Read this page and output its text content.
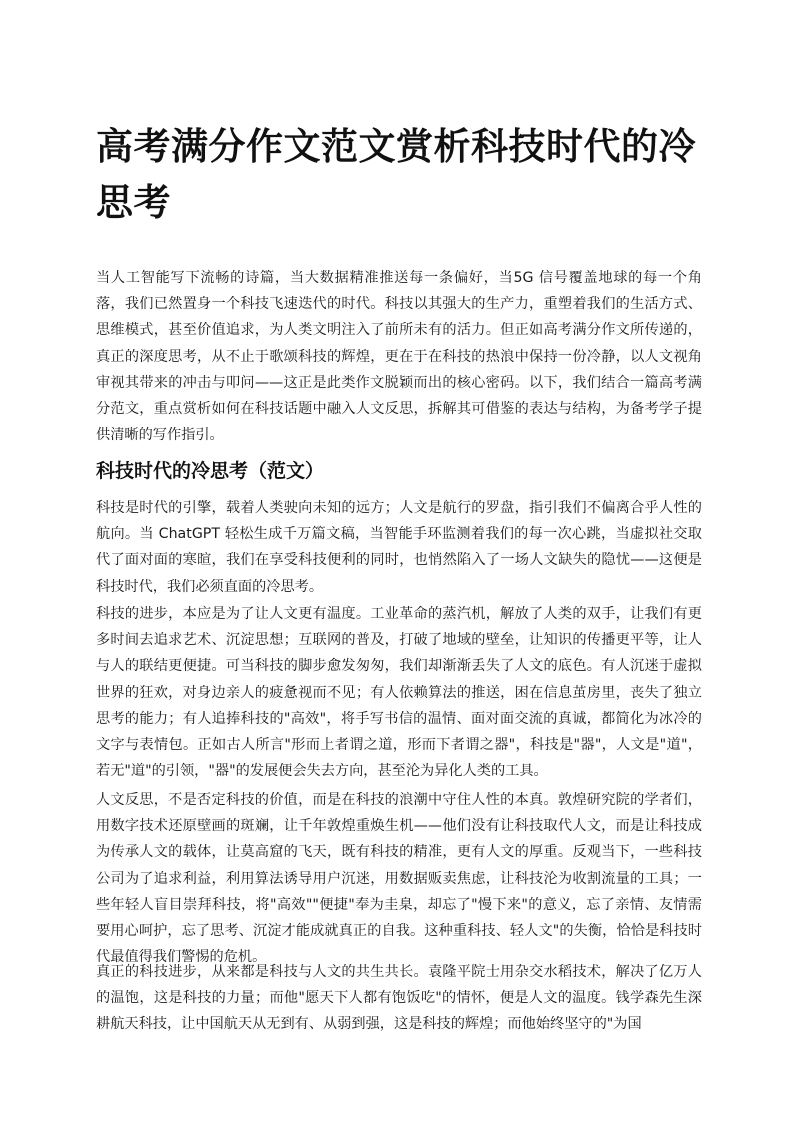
高考满分作文范文赏析科技时代的冷思考

当人工智能写下流畅的诗篇，当大数据精准推送每一条偏好，当5G 信号覆盖地球的每一个角落，我们已然置身一个科技飞速迭代的时代。科技以其强大的生产力，重塑着我们的生活方式、思维模式，甚至价值追求，为人类文明注入了前所未有的活力。但正如高考满分作文所传递的，真正的深度思考，从不止于歌颂科技的辉煌，更在于在科技的热浪中保持一份冷静，以人文视角审视其带来的冲击与叩问——这正是此类作文脱颖而出的核心密码。以下，我们结合一篇高考满分范文，重点赏析如何在科技话题中融入人文反思，拆解其可借鉴的表达与结构，为备考学子提供清晰的写作指引。

科技时代的冷思考（范文）

科技是时代的引擎，载着人类驶向未知的远方；人文是航行的罗盘，指引我们不偏离合乎人性的航向。当 ChatGPT 轻松生成千万篇文稿，当智能手环监测着我们的每一次心跳，当虚拟社交取代了面对面的寒暄，我们在享受科技便利的同时，也悄然陷入了一场人文缺失的隐忧——这便是科技时代，我们必须直面的冷思考。

科技的进步，本应是为了让人文更有温度。工业革命的蒸汽机，解放了人类的双手，让我们有更多时间去追求艺术、沉淀思想；互联网的普及，打破了地域的壁垒，让知识的传播更平等，让人与人的联结更便捷。可当科技的脚步愈发匆匆，我们却渐渐丢失了人文的底色。有人沉迷于虚拟世界的狂欢，对身边亲人的疲惫视而不见；有人依赖算法的推送，困在信息茧房里，丧失了独立思考的能力；有人追捧科技的"高效"，将手写书信的温情、面对面交流的真诚，都简化为冰冷的文字与表情包。正如古人所言"形而上者谓之道，形而下者谓之器"，科技是"器"，人文是"道"，若无"道"的引领，"器"的发展便会失去方向，甚至沦为异化人类的工具。

人文反思，不是否定科技的价值，而是在科技的浪潮中守住人性的本真。敦煌研究院的学者们，用数字技术还原壁画的斑斓，让千年敦煌重焕生机——他们没有让科技取代人文，而是让科技成为传承人文的载体，让莫高窟的飞天，既有科技的精准，更有人文的厚重。反观当下，一些科技公司为了追求利益，利用算法诱导用户沉迷，用数据贩卖焦虑，让科技沦为收割流量的工具；一些年轻人盲目崇拜科技，将"高效""便捷"奉为圭臬，却忘了"慢下来"的意义，忘了亲情、友情需要用心呵护，忘了思考、沉淀才能成就真正的自我。这种重科技、轻人文"的失衡，恰恰是科技时代最值得我们警惕的危机。

真正的科技进步，从来都是科技与人文的共生共长。袁隆平院士用杂交水稻技术，解决了亿万人的温饱，这是科技的力量；而他"愿天下人都有饱饭吃"的情怀，便是人文的温度。钱学森先生深耕航天科技，让中国航天从无到有、从弱到强，这是科技的辉煌；而他始终坚守的"为国
